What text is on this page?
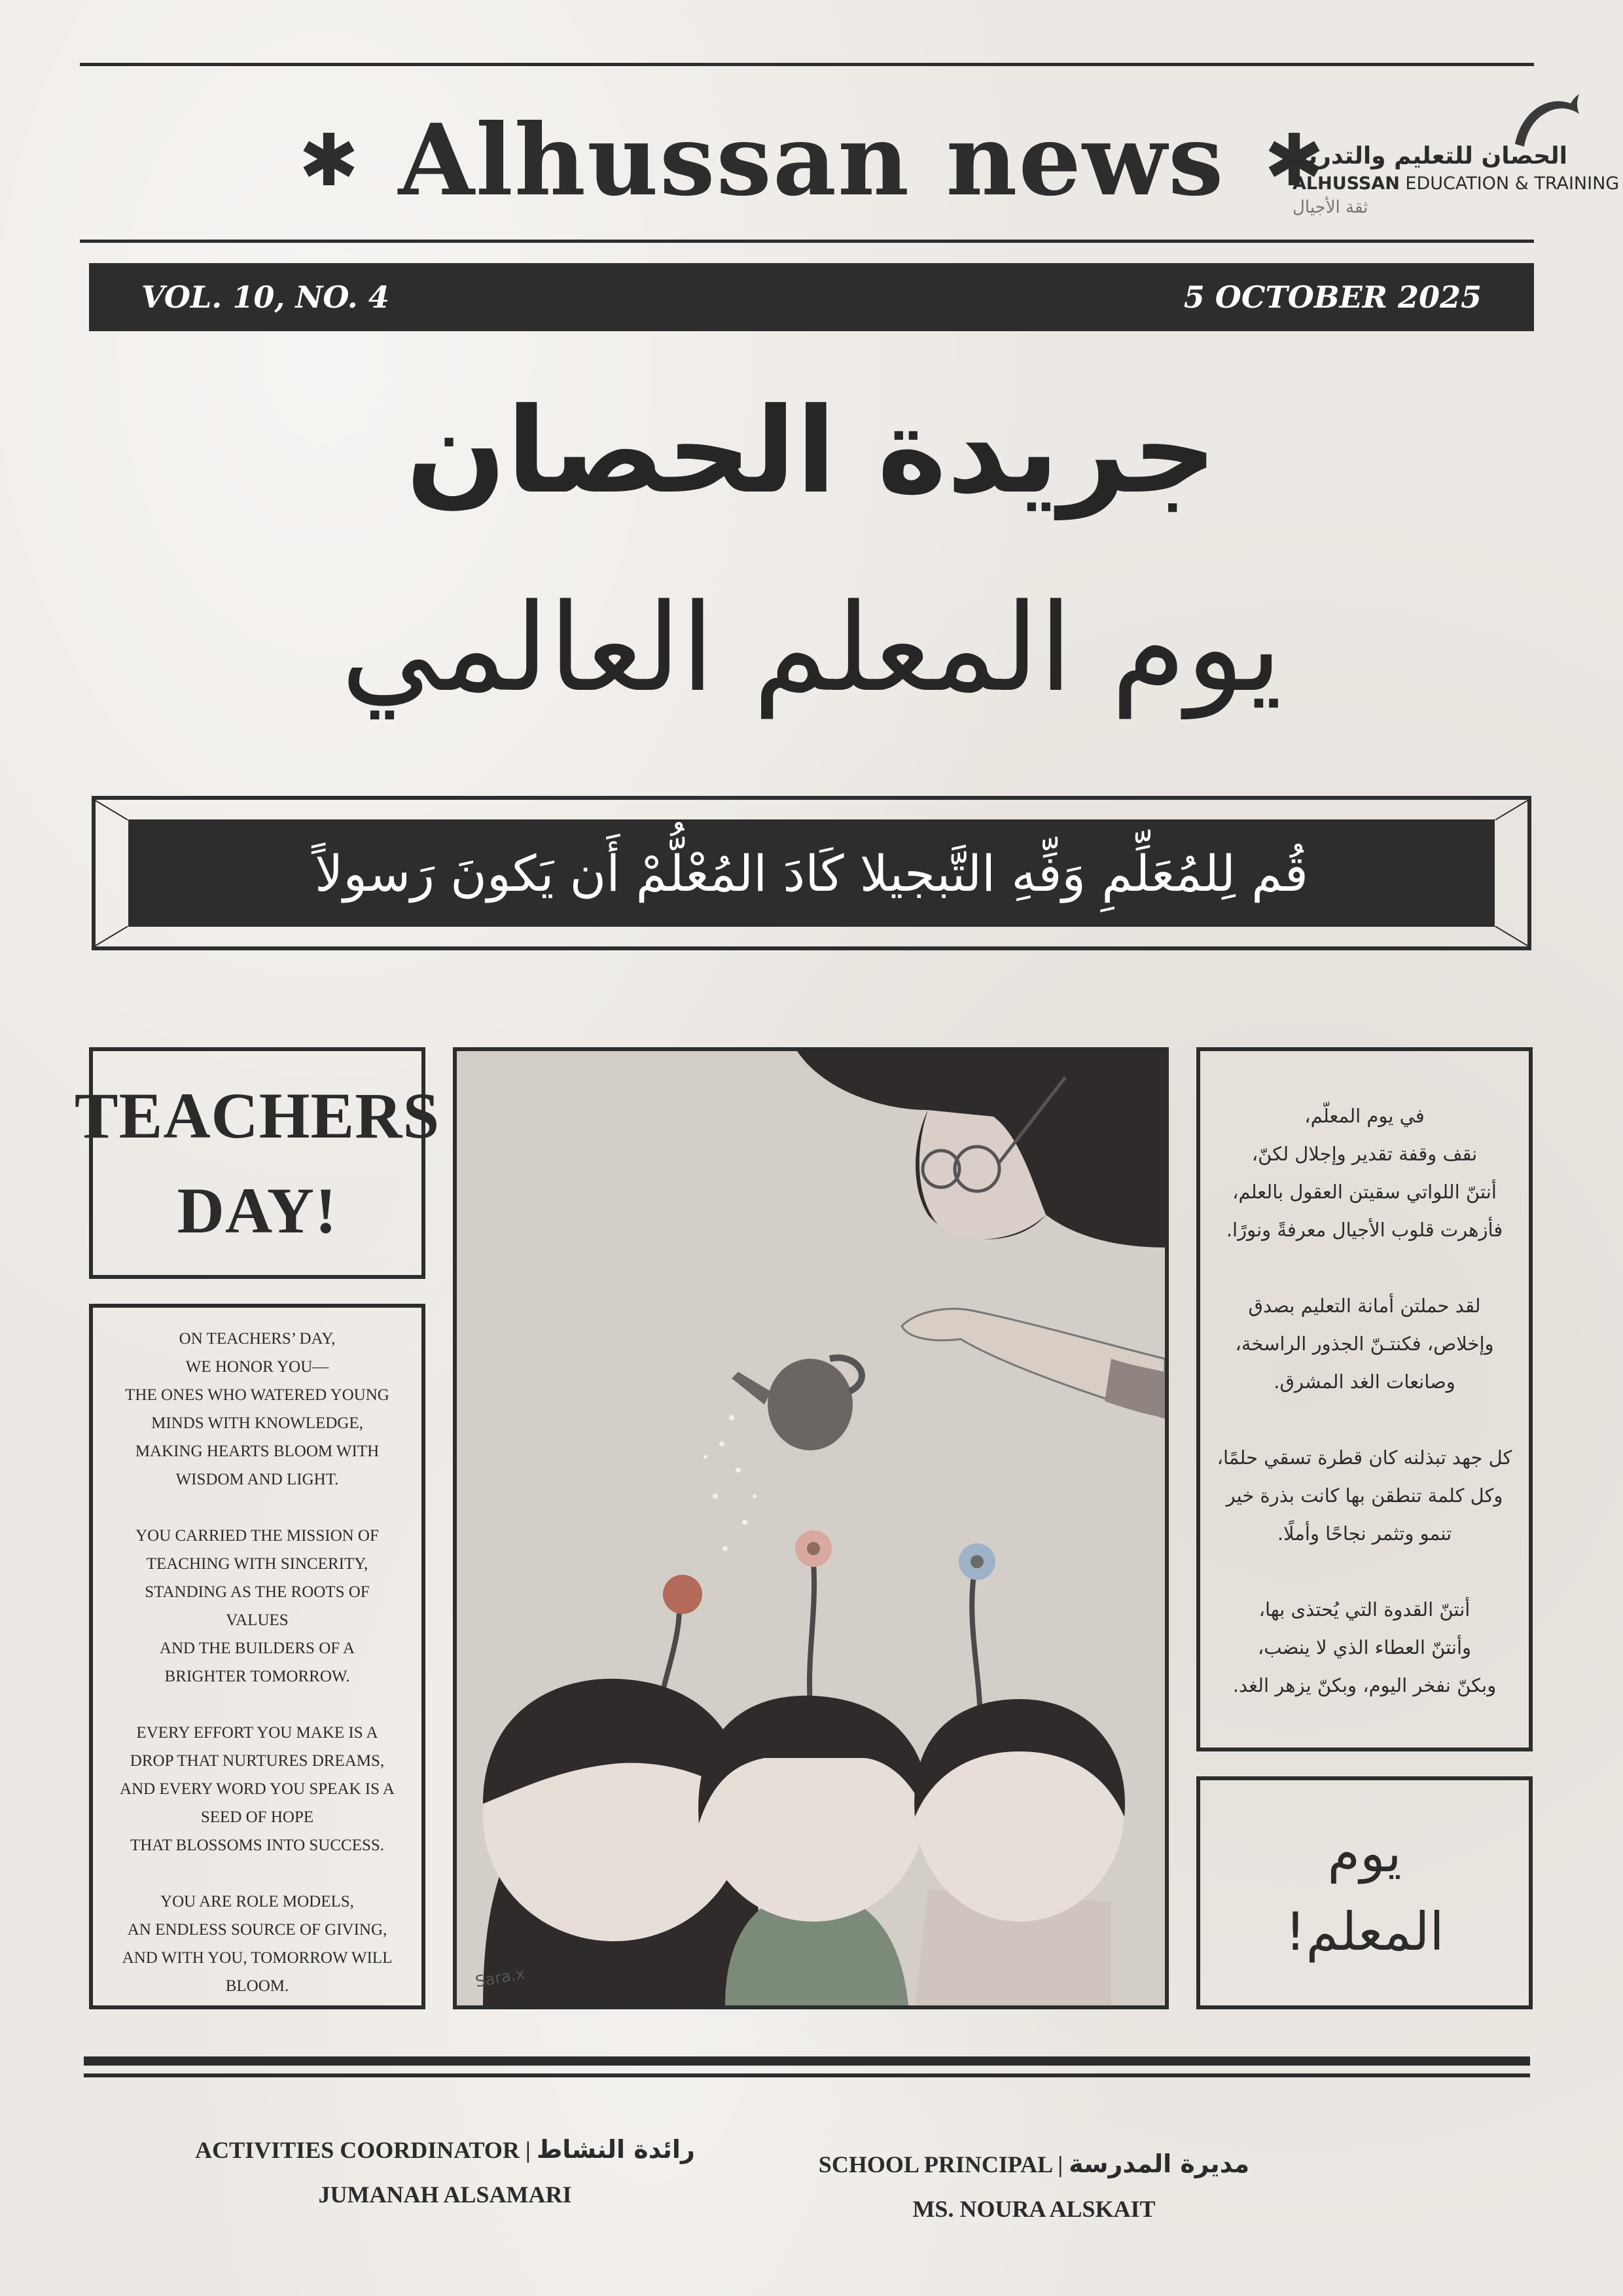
✱ Alhussan news ✱
الحصان للتعليم والتدريب
ALHUSSAN EDUCATION & TRAINING
ثقة الأجيال
VOL. 10, NO. 4	5 OCTOBER 2025
جريدة الحصان
يوم المعلم العالمي
قُم لِلمُعَلِّمِ وَفِّهِ التَّبجيلا كَادَ المُعْلُّمْ أَن يَكونَ رَسولاً
TEACHERS
DAY!

ON TEACHERS’ DAY,
WE HONOR YOU—
THE ONES WHO WATERED YOUNG
MINDS WITH KNOWLEDGE,
MAKING HEARTS BLOOM WITH
WISDOM AND LIGHT.

YOU CARRIED THE MISSION OF
TEACHING WITH SINCERITY,
STANDING AS THE ROOTS OF
VALUES
AND THE BUILDERS OF A
BRIGHTER TOMORROW.

EVERY EFFORT YOU MAKE IS A
DROP THAT NURTURES DREAMS,
AND EVERY WORD YOU SPEAK IS A
SEED OF HOPE
THAT BLOSSOMS INTO SUCCESS.

YOU ARE ROLE MODELS,
AN ENDLESS SOURCE OF GIVING,
AND WITH YOU, TOMORROW WILL
BLOOM.	Sara.x

في يوم المعلّم،
نقف وقفة تقدير وإجلال لكنّ،
أنتنّ اللواتي سقيتن العقول بالعلم،
فأزهرت قلوب الأجيال معرفةً ونورًا.

لقد حملتن أمانة التعليم بصدق
وإخلاص، فكنتـنّ الجذور الراسخة،
وصانعات الغد المشرق.

كل جهد تبذلنه كان قطرة تسقي حلمًا،
وكل كلمة تنطقن بها كانت بذرة خير
تنمو وتثمر نجاحًا وأملًا.

أنتنّ القدوة التي يُحتذى بها،
وأنتنّ العطاء الذي لا ينضب،
وبكنّ نفخر اليوم، وبكنّ يزهر الغد.

يوم
المعلم!
ACTIVITIES COORDINATOR | رائدة النشاط
JUMANAH ALSAMARI
SCHOOL PRINCIPAL | مديرة المدرسة
MS. NOURA ALSKAIT
